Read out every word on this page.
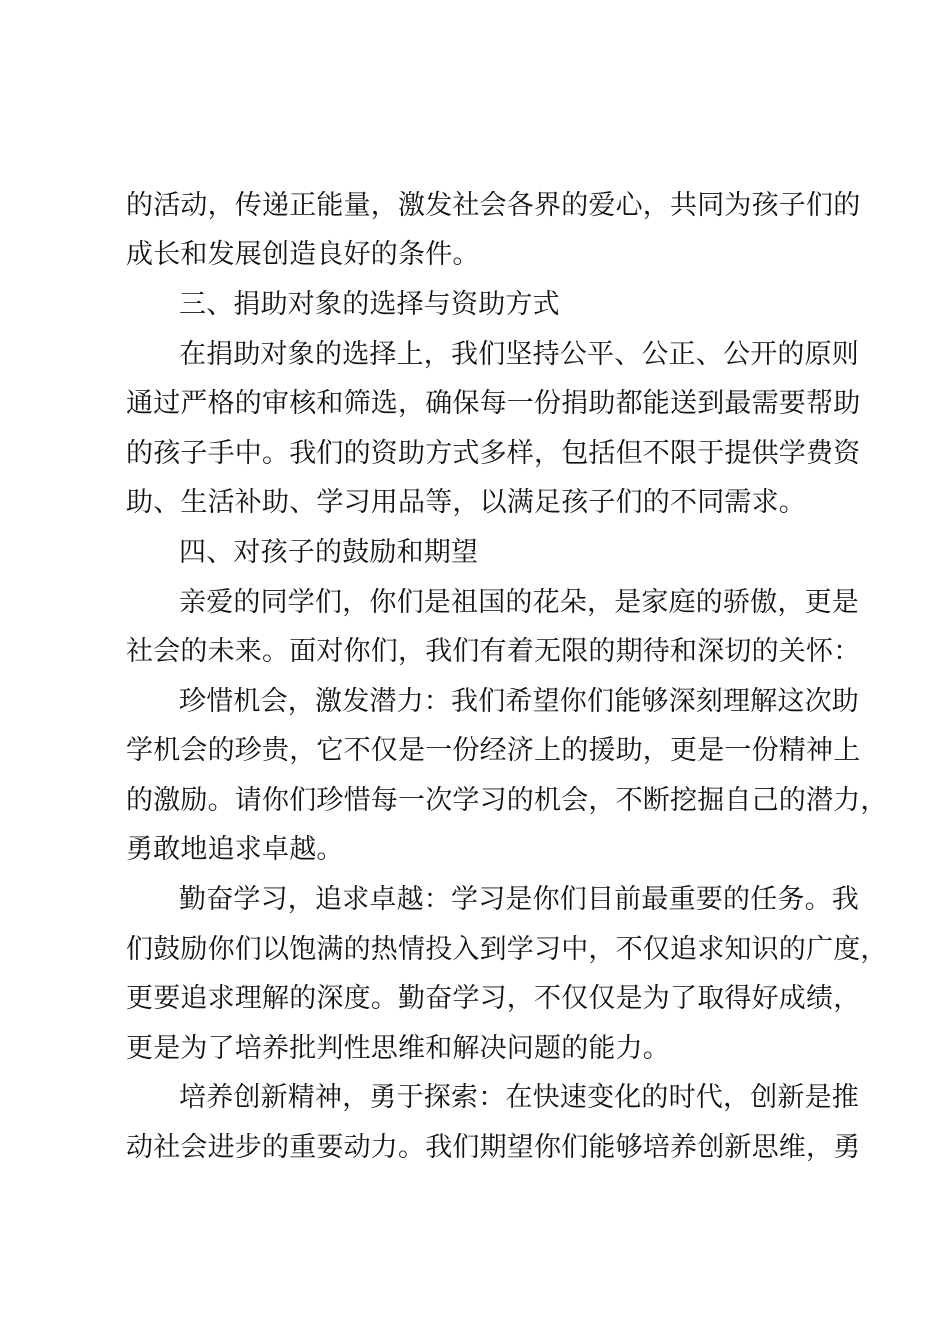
的活动，传递正能量，激发社会各界的爱心，共同为孩子们的
成长和发展创造良好的条件。
三、捐助对象的选择与资助方式
在捐助对象的选择上，我们坚持公平、公正、公开的原则
通过严格的审核和筛选，确保每一份捐助都能送到最需要帮助
的孩子手中。我们的资助方式多样，包括但不限于提供学费资
助、生活补助、学习用品等，以满足孩子们的不同需求。
四、对孩子的鼓励和期望
亲爱的同学们，你们是祖国的花朵，是家庭的骄傲，更是
社会的未来。面对你们，我们有着无限的期待和深切的关怀：
珍惜机会，激发潜力：我们希望你们能够深刻理解这次助
学机会的珍贵，它不仅是一份经济上的援助，更是一份精神上
的激励。请你们珍惜每一次学习的机会，不断挖掘自己的潜力，
勇敢地追求卓越。
勤奋学习，追求卓越：学习是你们目前最重要的任务。我
们鼓励你们以饱满的热情投入到学习中，不仅追求知识的广度，
更要追求理解的深度。勤奋学习，不仅仅是为了取得好成绩，
更是为了培养批判性思维和解决问题的能力。
培养创新精神，勇于探索：在快速变化的时代，创新是推
动社会进步的重要动力。我们期望你们能够培养创新思维，勇
